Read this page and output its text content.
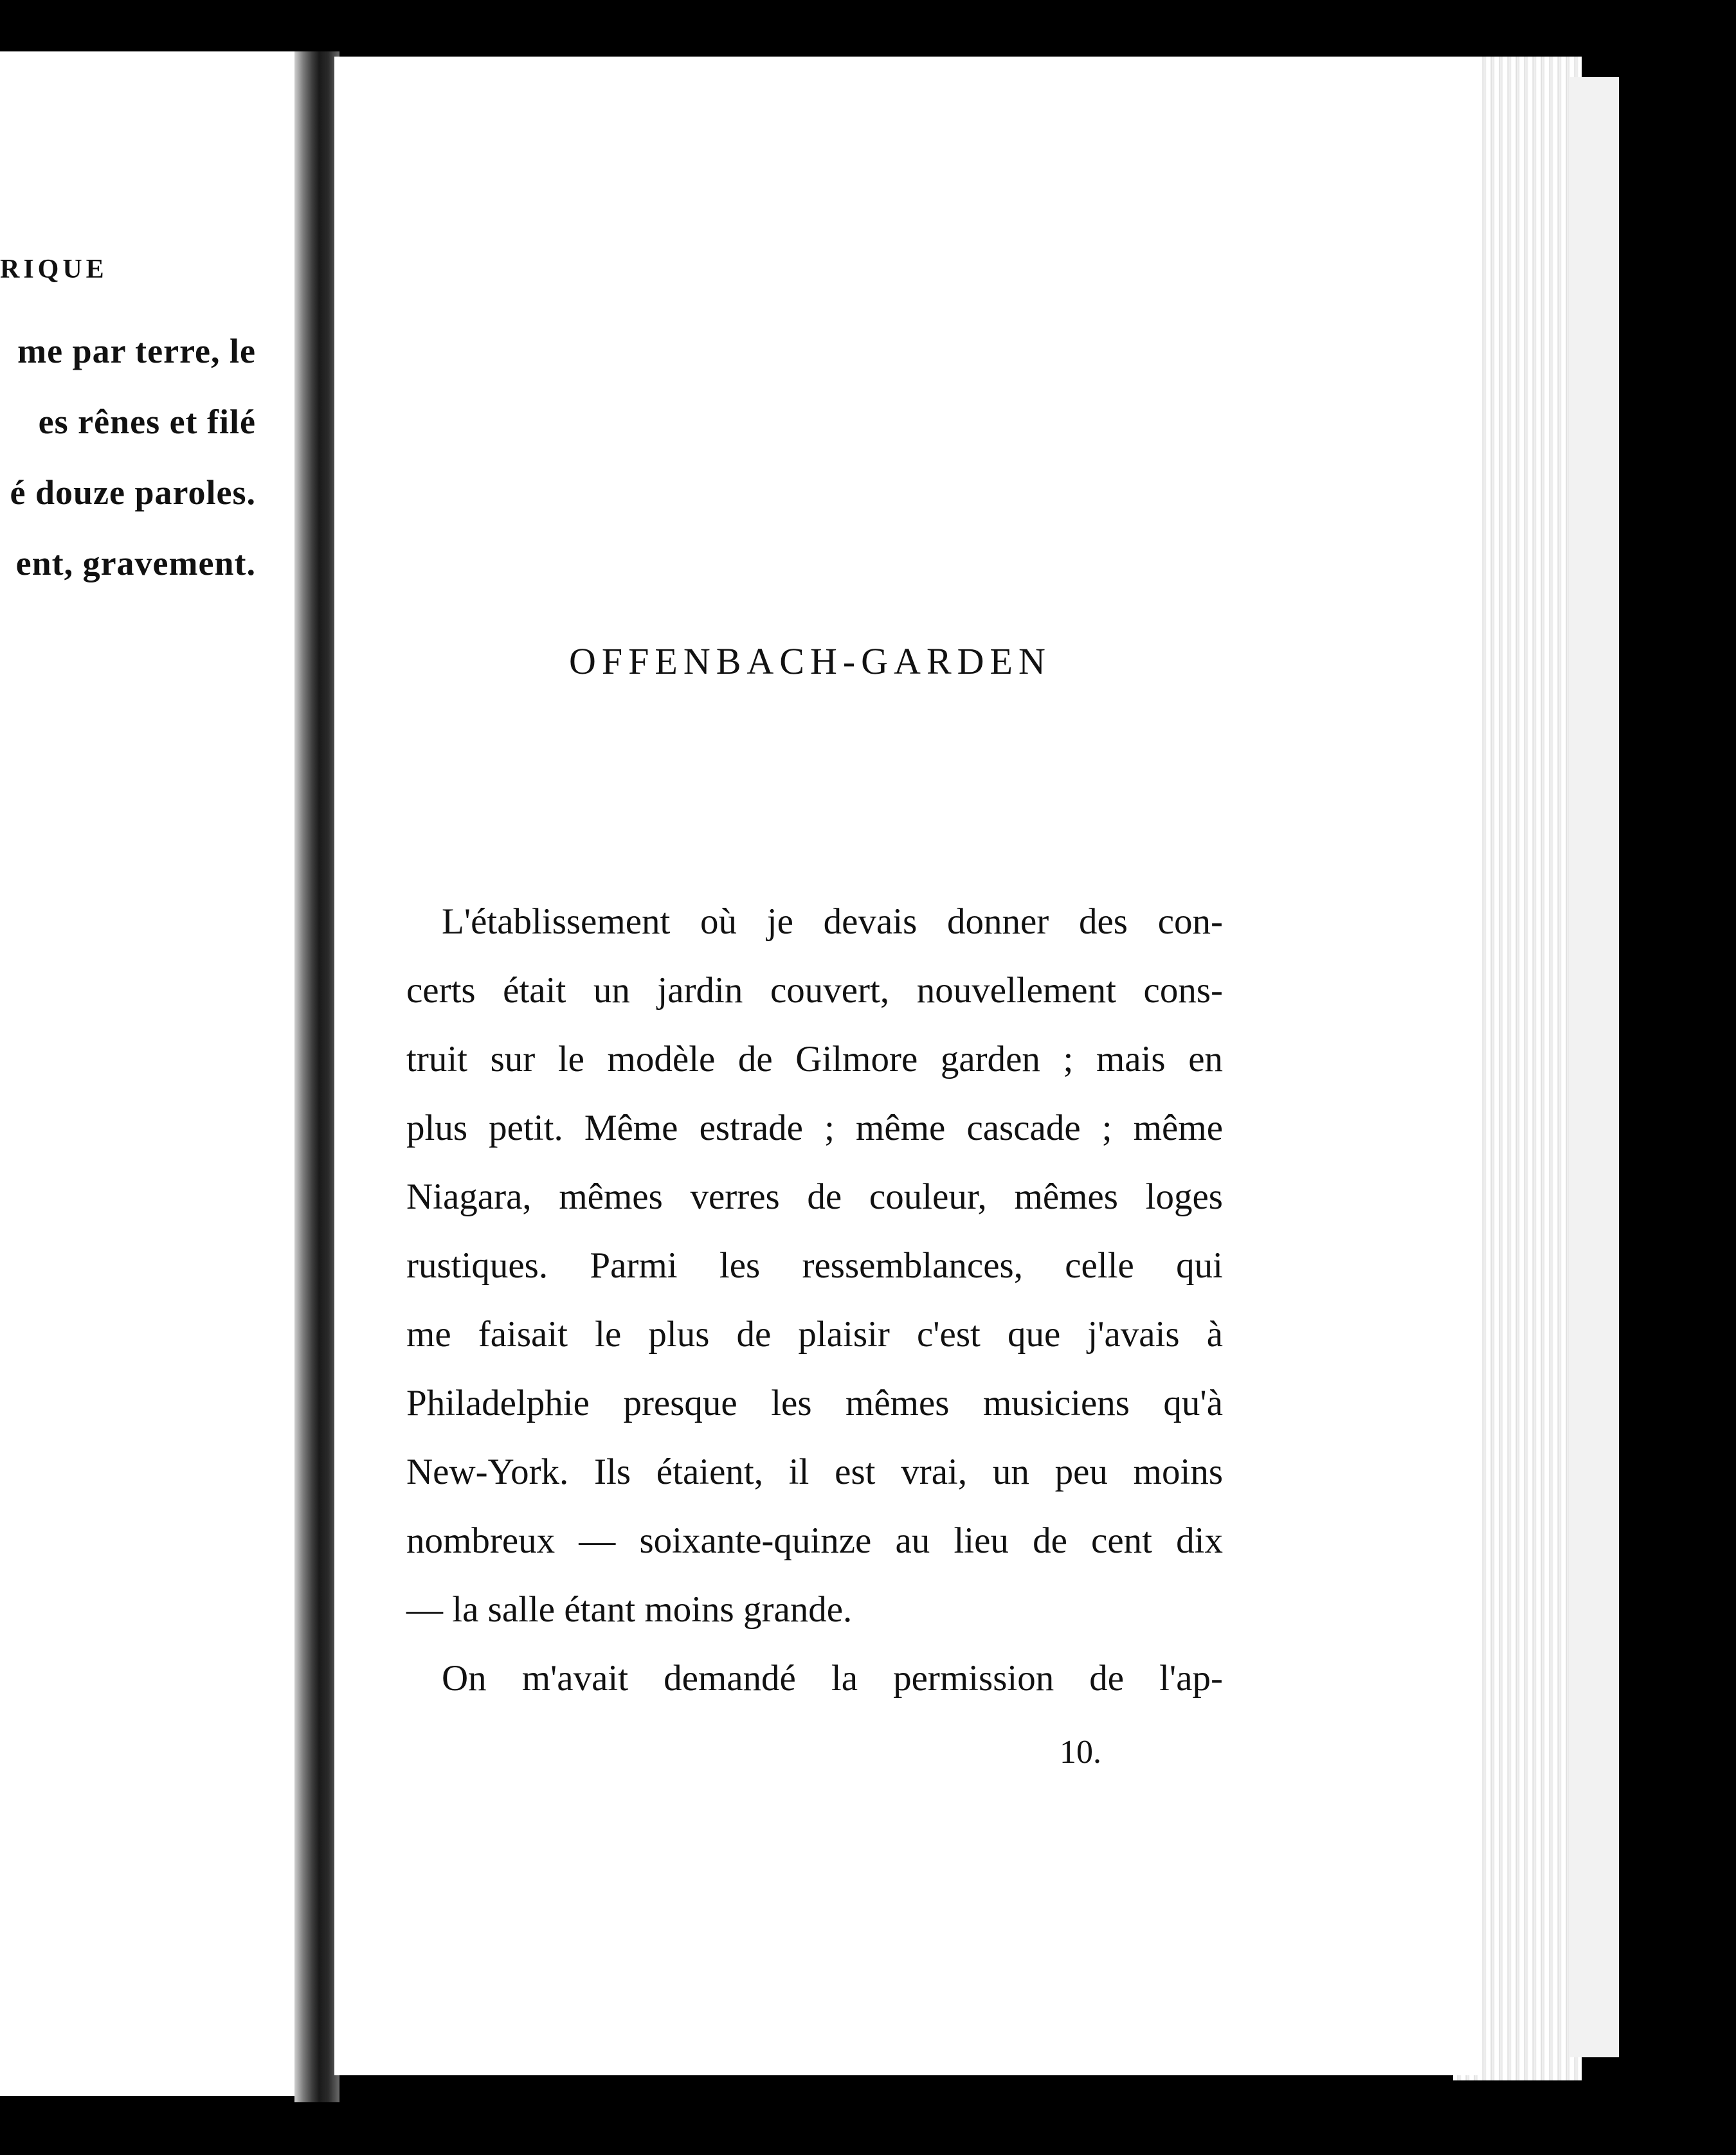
RIQUE
me par terre, le
es rênes et filé
é douze paroles.
ent, gravement.
OFFENBACH-GARDEN
L'établissement où je devais donner des con-
certs était un jardin couvert, nouvellement cons-
truit sur le modèle de Gilmore garden ; mais en
plus petit. Même estrade ; même cascade ; même
Niagara, mêmes verres de couleur, mêmes loges
rustiques. Parmi les ressemblances, celle qui
me faisait le plus de plaisir c'est que j'avais à
Philadelphie presque les mêmes musiciens qu'à
New-York. Ils étaient, il est vrai, un peu moins
nombreux — soixante-quinze au lieu de cent dix
— la salle étant moins grande.
On m'avait demandé la permission de l'ap-
10.
